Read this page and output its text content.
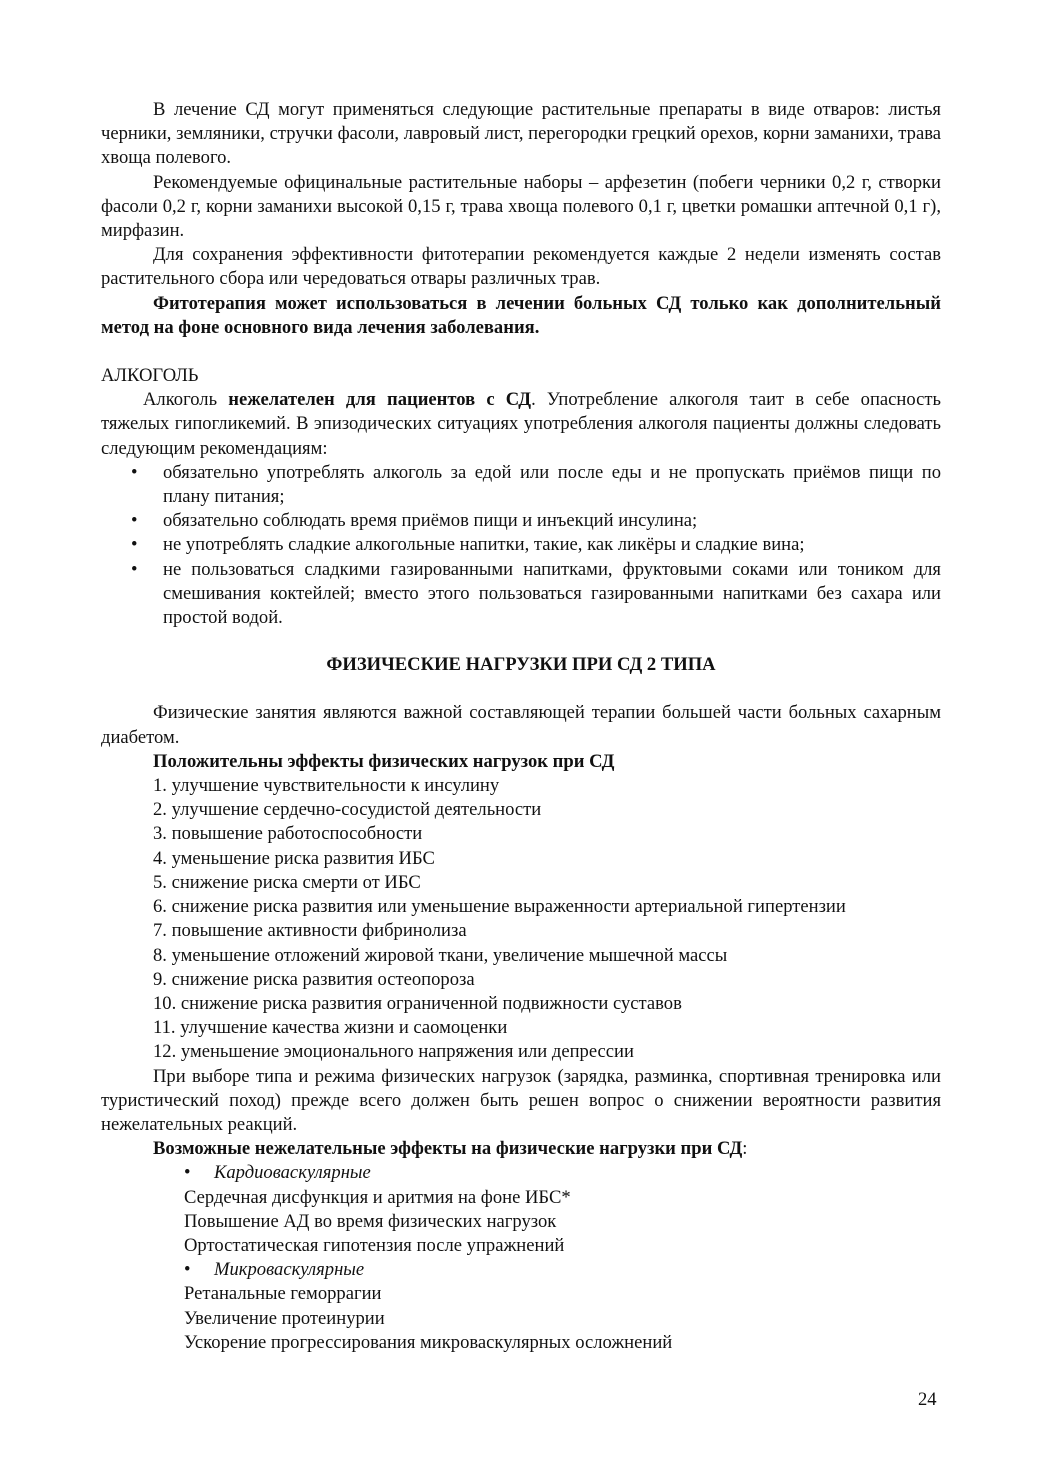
В лечение СД могут применяться следующие растительные препараты в виде отваров: листья черники, земляники, стручки фасоли, лавровый лист, перегородки грецкий орехов, корни заманихи, трава хвоща полевого.

Рекомендуемые официнальные растительные наборы – арфезетин (побеги черники 0,2 г, створки фасоли 0,2 г, корни заманихи высокой 0,15 г, трава хвоща полевого 0,1 г, цветки ромашки аптечной 0,1 г), мирфазин.

Для сохранения эффективности фитотерапии рекомендуется каждые 2 недели изменять состав растительного сбора или чередоваться отвары различных трав.

Фитотерапия может использоваться в лечении больных СД только как дополнительный метод на фоне основного вида лечения заболевания.

АЛКОГОЛЬ

Алкоголь нежелателен для пациентов с СД. Употребление алкоголя таит в себе опасность тяжелых гипогликемий. В эпизодических ситуациях употребления алкоголя пациенты должны следовать следующим рекомендациям:

• обязательно употреблять алкоголь за едой или после еды и не пропускать приёмов пищи по плану питания;
• обязательно соблюдать время приёмов пищи и инъекций инсулина;
• не употреблять сладкие алкогольные напитки, такие, как ликёры и сладкие вина;
• не пользоваться сладкими газированными напитками, фруктовыми соками или тоником для смешивания коктейлей; вместо этого пользоваться газированными напитками без сахара или простой водой.

ФИЗИЧЕСКИЕ НАГРУЗКИ ПРИ СД 2 ТИПА

Физические занятия являются важной составляющей терапии большей части больных сахарным диабетом.

Положительны эффекты физических нагрузок при СД

1. улучшение чувствительности к инсулину
2. улучшение сердечно-сосудистой деятельности
3. повышение работоспособности
4. уменьшение риска развития ИБС
5. снижение риска смерти от ИБС
6. снижение риска развития или уменьшение выраженности артериальной гипертензии
7. повышение активности фибринолиза
8. уменьшение отложений жировой ткани, увеличение мышечной массы
9. снижение риска развития остеопороза
10. снижение риска развития ограниченной подвижности суставов
11. улучшение качества жизни и саомоценки
12. уменьшение эмоционального напряжения или депрессии

При выборе типа и режима физических нагрузок (зарядка, разминка, спортивная тренировка или туристический поход) прежде всего должен быть решен вопрос о снижении вероятности развития нежелательных реакций.

Возможные нежелательные эффекты на физические нагрузки при СД:

• Кардиоваскулярные
Сердечная дисфункция и аритмия на фоне ИБС*
Повышение АД во время физических нагрузок
Ортостатическая гипотензия после упражнений
• Микроваскулярные
Ретанальные геморрагии
Увеличение протеинурии
Ускорение прогрессирования микроваскулярных осложнений
24
